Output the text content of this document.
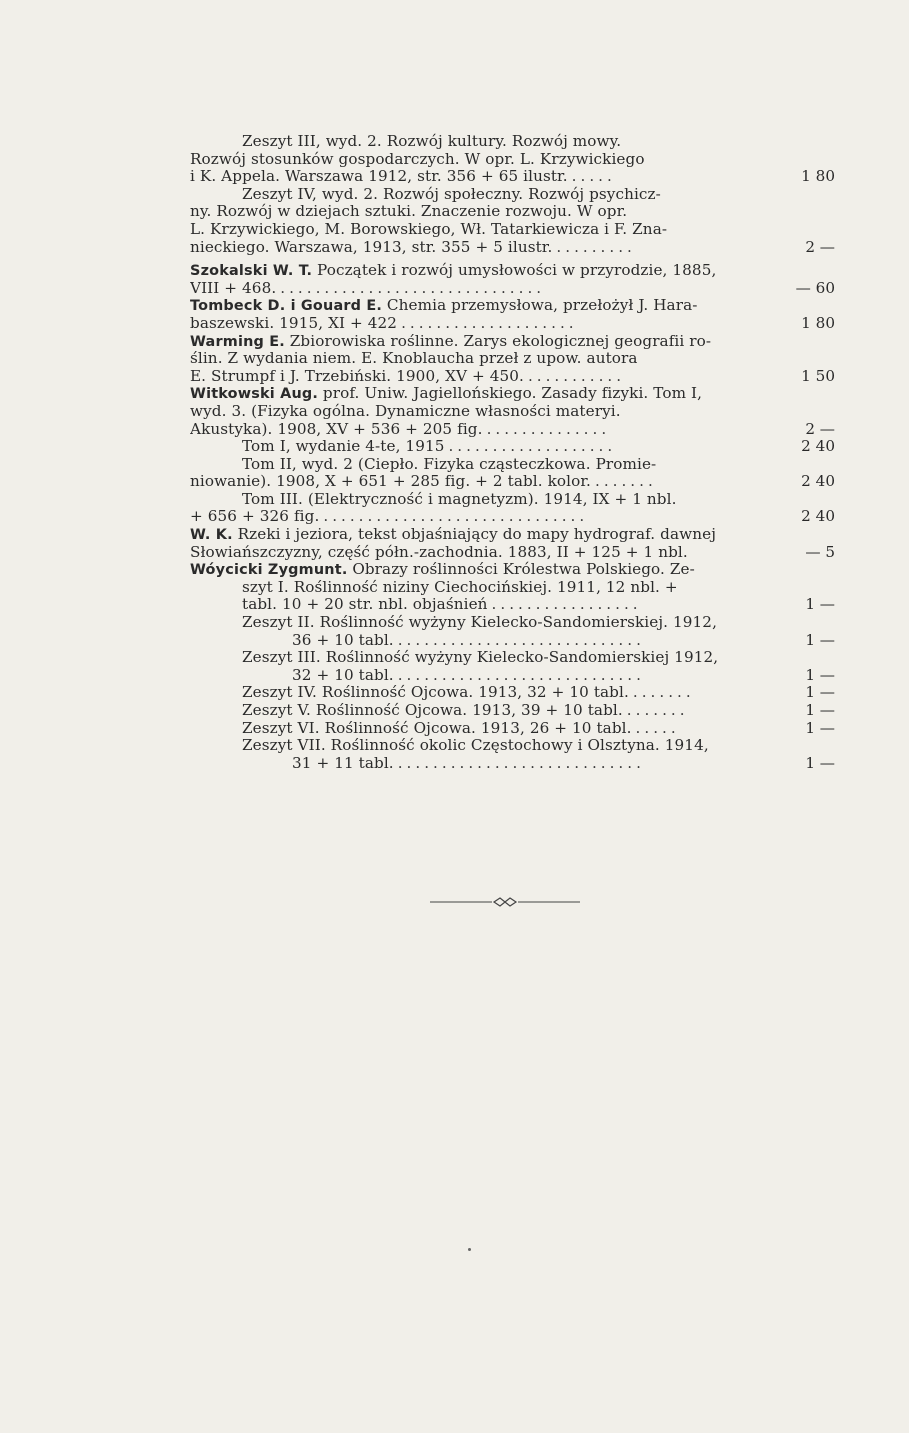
Zeszyt III, wyd. 2. Rozwój kultury. Rozwój mowy.
Rozwój stosunków gospodarczych. W opr. L. Krzywickiego
i K. Appela. Warszawa 1912, str. 356 + 65 ilustr. .....	1 80
Zeszyt IV, wyd. 2. Rozwój społeczny. Rozwój psychicz-
ny. Rozwój w dziejach sztuki. Znaczenie rozwoju. W opr.
L. Krzywickiego, M. Borowskiego, Wł. Tatarkiewicza i F. Zna-
nieckiego. Warszawa, 1913, str. 355 + 5 ilustr. .........	2 —
Szokalski W. T.
Początek i rozwój umysłowości w przyrodzie, 1885,
VIII + 468. ..............................	— 60
Tombeck D. i Gouard E.
Chemia przemysłowa, przełożył J. Hara-
baszewski. 1915, XI + 422 ....................	1 80
Warming E.
Zbiorowiska roślinne. Zarys ekologicznej geografii ro-
ślin. Z wydania niem. E. Knoblaucha przeł z upow. autora
E. Strumpf i J. Trzebiński. 1900, XV + 450. ...........	1 50
Witkowski Aug.
prof. Uniw. Jagiellońskiego. Zasady fizyki. Tom I,
wyd. 3. (Fizyka ogólna. Dynamiczne własności materyi.
Akustyka). 1908, XV + 536 + 205 fig. ..............	2 —
Tom I, wydanie 4-te, 1915 ...................	2 40
Tom II, wyd. 2 (Ciepło. Fizyka cząsteczkowa. Promie-
niowanie). 1908, X + 651 + 285 fig. + 2 tabl. kolor. .......	2 40
Tom III. (Elektryczność i magnetyzm). 1914, IX + 1 nbl.
+ 656 + 326 fig. ..............................	2 40
W. K.
Rzeki i jeziora, tekst objaśniający do mapy hydrograf. dawnej
Słowiańszczyzny, część półn.-zachodnia. 1883, II + 125 + 1 nbl.	— 5
Wóycicki Zygmunt.
Obrazy roślinności Królestwa Polskiego. Ze-
szyt I. Roślinność niziny Ciechocińskiej. 1911, 12 nbl. +
tabl. 10 + 20 str. nbl. objaśnień .................	1 —
Zeszyt II. Roślinność wyżyny Kielecko-Sandomierskiej. 1912,
36 + 10 tabl. ............................	1 —
Zeszyt III. Roślinność wyżyny Kielecko-Sandomierskiej 1912,
32 + 10 tabl. ............................	1 —
Zeszyt IV. Roślinność Ojcowa. 1913, 32 + 10 tabl. .......	1 —
Zeszyt V. Roślinność Ojcowa. 1913, 39 + 10 tabl. .......	1 —
Zeszyt VI. Roślinność Ojcowa. 1913, 26 + 10 tabl. .....	1 —
Zeszyt VII. Roślinność okolic Częstochowy i Olsztyna. 1914,
31 + 11 tabl. ............................	1 —
